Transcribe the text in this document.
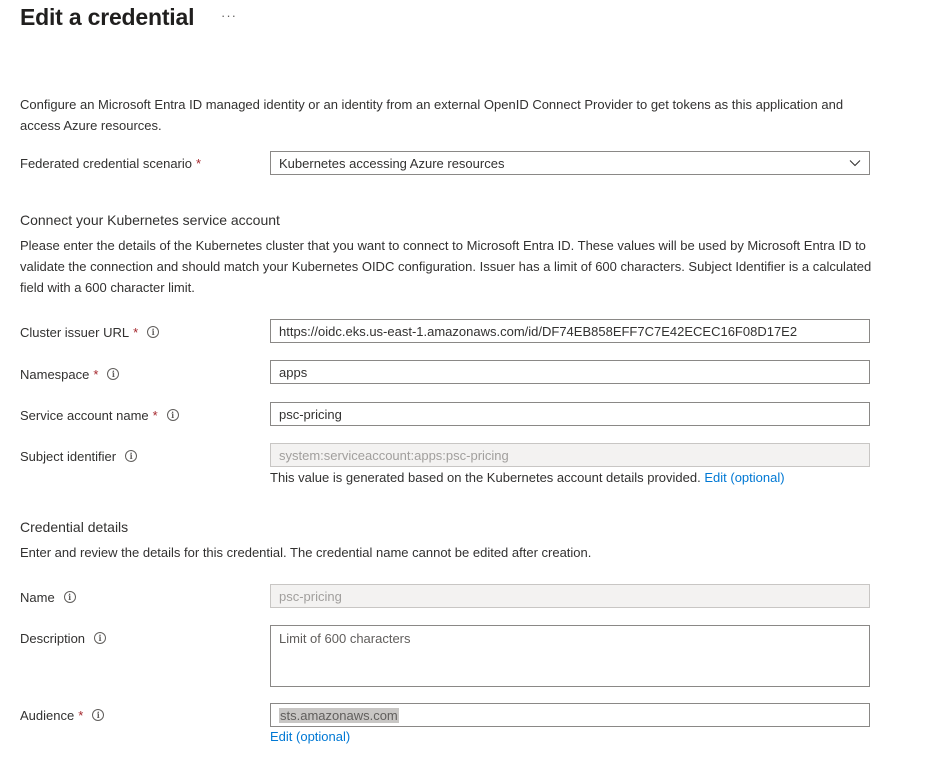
Edit a credential ···
Configure an Microsoft Entra ID managed identity or an identity from an external OpenID Connect Provider to get tokens as this application and access Azure resources.
Federated credential scenario *	Kubernetes accessing Azure resources
Connect your Kubernetes service account
Please enter the details of the Kubernetes cluster that you want to connect to Microsoft Entra ID. These values will be used by Microsoft Entra ID to validate the connection and should match your Kubernetes OIDC configuration. Issuer has a limit of 600 characters. Subject Identifier is a calculated field with a 600 character limit.
Cluster issuer URL *	i	https://oidc.eks.us-east-1.amazonaws.com/id/DF74EB858EFF7C7E42ECEC16F08D17E2
Namespace *	i	apps
Service account name *	i	psc-pricing
Subject identifier	i	system:serviceaccount:apps:psc-pricing
This value is generated based on the Kubernetes account details provided. Edit (optional)
Credential details
Enter and review the details for this credential. The credential name cannot be edited after creation.
Name	i	psc-pricing
Description	i	Limit of 600 characters
Audience *	i	sts.amazonaws.com
Edit (optional)
